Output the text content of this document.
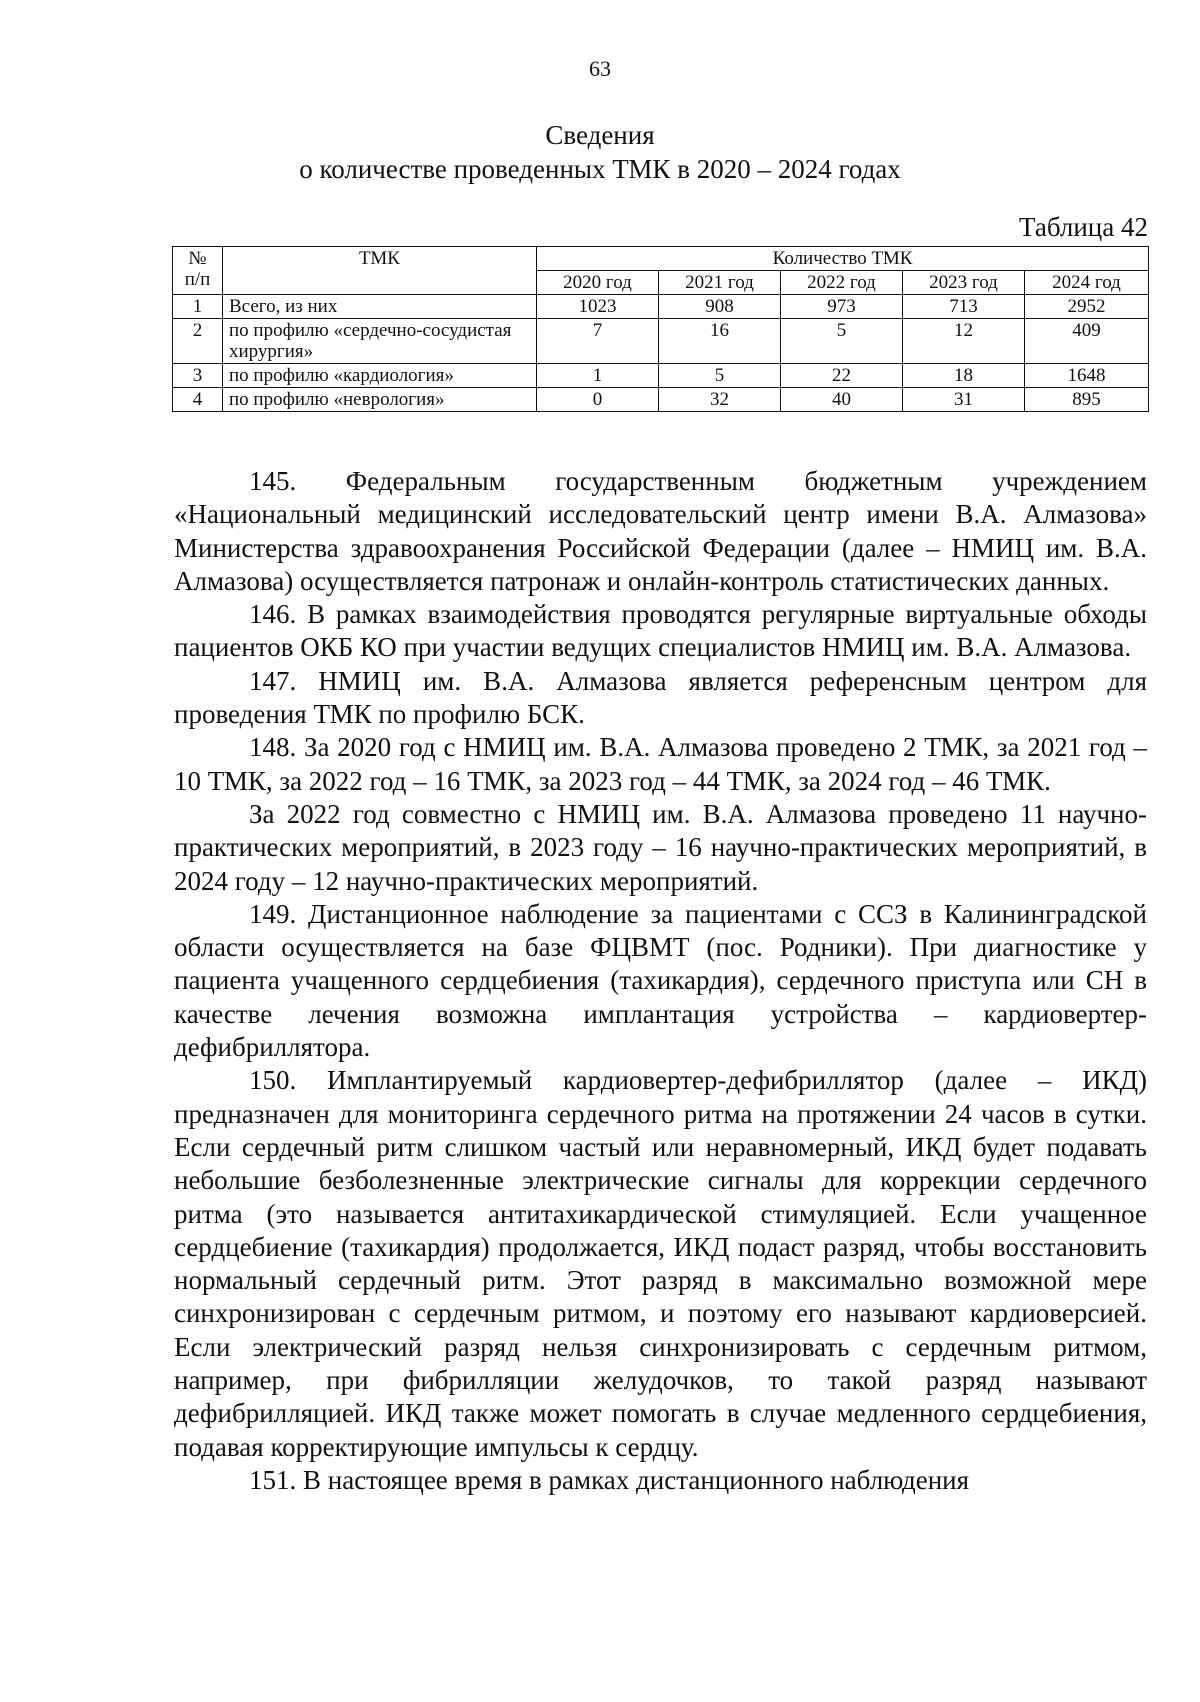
63
Сведения
о количестве проведенных ТМК в 2020 – 2024 годах
Таблица 42
№ п/п	ТМК	Количество ТМК				
		2020 год	2021 год	2022 год	2023 год	2024 год
1	Всего, из них	1023	908	973	713	2952
2	по профилю «сердечно-сосудистая хирургия»	7	16	5	12	409
3	по профилю «кардиология»	1	5	22	18	1648
4	по профилю «неврология»	0	32	40	31	895

145. Федеральным государственным бюджетным учреждением «Национальный медицинский исследовательский центр имени В.А. Алмазова» Министерства здравоохранения Российской Федерации (далее – НМИЦ им. В.А. Алмазова) осуществляется патронаж и онлайн-контроль статистических данных.

146. В рамках взаимодействия проводятся регулярные виртуальные обходы пациентов ОКБ КО при участии ведущих специалистов НМИЦ им. В.А. Алмазова.

147. НМИЦ им. В.А. Алмазова является референсным центром для проведения ТМК по профилю БСК.

148. За 2020 год с НМИЦ им. В.А. Алмазова проведено 2 ТМК, за 2021 год – 10 ТМК, за 2022 год – 16 ТМК, за 2023 год – 44 ТМК, за 2024 год – 46 ТМК.

За 2022 год совместно с НМИЦ им. В.А. Алмазова проведено 11 научно-практических мероприятий, в 2023 году – 16 научно-практических мероприятий, в 2024 году – 12 научно-практических мероприятий.

149. Дистанционное наблюдение за пациентами с ССЗ в Калининградской области осуществляется на базе ФЦВМТ (пос. Родники). При диагностике у пациента учащенного сердцебиения (тахикардия), сердечного приступа или СН в качестве лечения возможна имплантация устройства – кардиовертер-дефибриллятора.

150. Имплантируемый кардиовертер-дефибриллятор (далее – ИКД) предназначен для мониторинга сердечного ритма на протяжении 24 часов в сутки. Если сердечный ритм слишком частый или неравномерный, ИКД будет подавать небольшие безболезненные электрические сигналы для коррекции сердечного ритма (это называется антитахикардической стимуляцией. Если учащенное сердцебиение (тахикардия) продолжается, ИКД подаст разряд, чтобы восстановить нормальный сердечный ритм. Этот разряд в максимально возможной мере синхронизирован с сердечным ритмом, и поэтому его называют кардиоверсией. Если электрический разряд нельзя синхронизировать с сердечным ритмом, например, при фибрилляции желудочков, то такой разряд называют дефибрилляцией. ИКД также может помогать в случае медленного сердцебиения, подавая корректирующие импульсы к сердцу.

151. В настоящее время в рамках дистанционного наблюдения
